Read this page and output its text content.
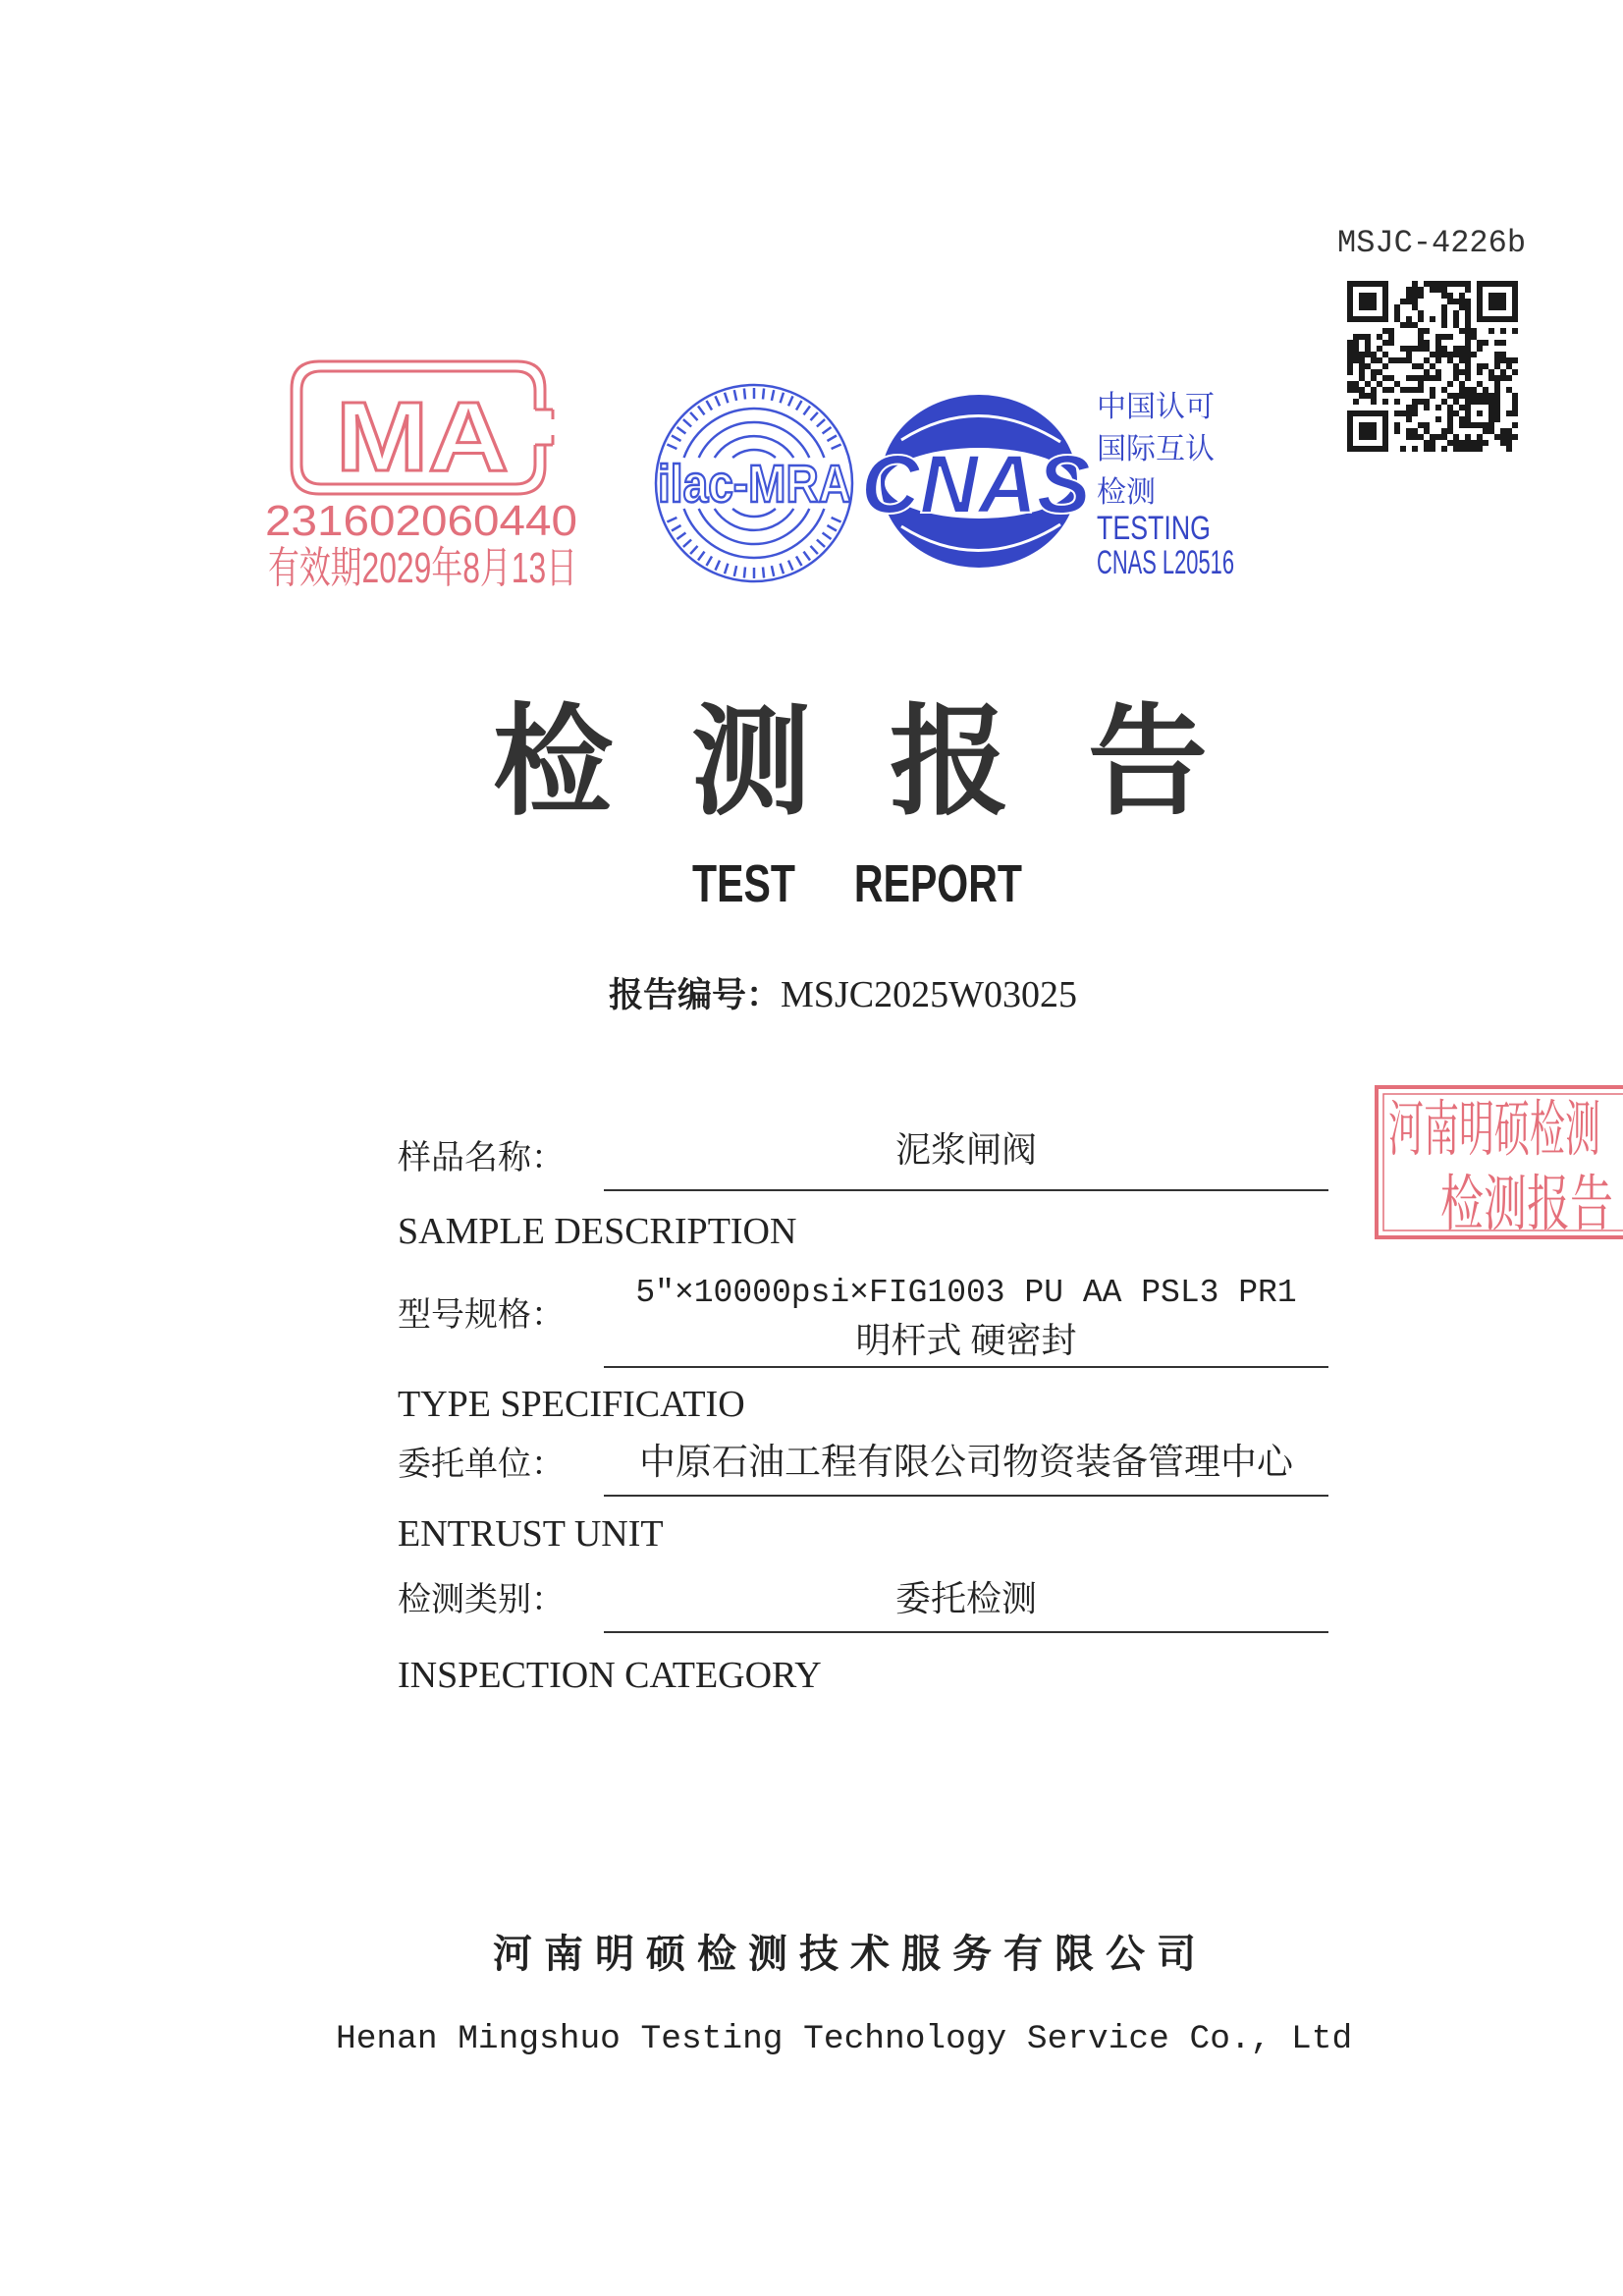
MSJC-4226b
MA
231602060440
有效期2029年8月13日
ilac-MRA CNAS
中国认可
国际互认
检测
TESTING
CNAS L20516
检测报告
TEST REPORT
报告编号：MSJC2025W03025
河南明硕检测
检测报告
样品名称：	泥浆闸阀
SAMPLE DESCRIPTION
型号规格：
5″×10000psi×FIG1003 PU AA PSL3 PR1
明杆式 硬密封
TYPE SPECIFICATIO
委托单位：	中原石油工程有限公司物资装备管理中心
ENTRUST UNIT
检测类别：	委托检测
INSPECTION CATEGORY
河南明硕检测技术服务有限公司
Henan Mingshuo Testing Technology Service Co., Ltd
